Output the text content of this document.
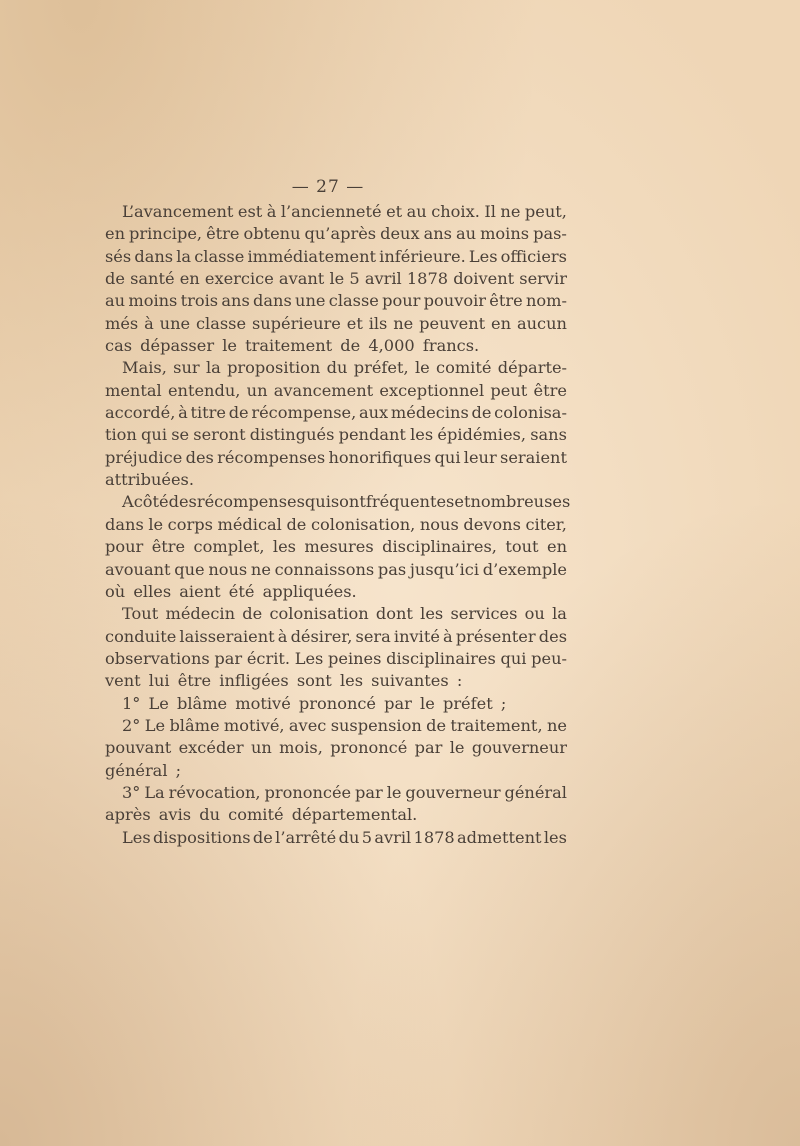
— 27 —
L’avancement est à l’ancienneté et au choix. Il ne peut,
en principe, être obtenu qu’après deux ans au moins pas-
sés dans la classe immédiatement inférieure. Les officiers
de santé en exercice avant le 5 avril 1878 doivent servir
au moins trois ans dans une classe pour pouvoir être nom-
més à une classe supérieure et ils ne peuvent en aucun
cas dépasser le traitement de 4,000 francs.
Mais, sur la proposition du préfet, le comité départe-
mental entendu, un avancement exceptionnel peut être
accordé, à titre de récompense, aux médecins de colonisa-
tion qui se seront distingués pendant les épidémies, sans
préjudice des récompenses honorifiques qui leur seraient
attribuées.
A côté des récompenses qui sont fréquentes et nombreuses
dans le corps médical de colonisation, nous devons citer,
pour être complet, les mesures disciplinaires, tout en
avouant que nous ne connaissons pas jusqu’ici d’exemple
où elles aient été appliquées.
Tout médecin de colonisation dont les services ou la
conduite laisseraient à désirer, sera invité à présenter des
observations par écrit. Les peines disciplinaires qui peu-
vent lui être infligées sont les suivantes :
1° Le blâme motivé prononcé par le préfet ;
2° Le blâme motivé, avec suspension de traitement, ne
pouvant excéder un mois, prononcé par le gouverneur
général ;
3° La révocation, prononcée par le gouverneur général
après avis du comité départemental.
Les dispositions de l’arrêté du 5 avril 1878 admettent les
